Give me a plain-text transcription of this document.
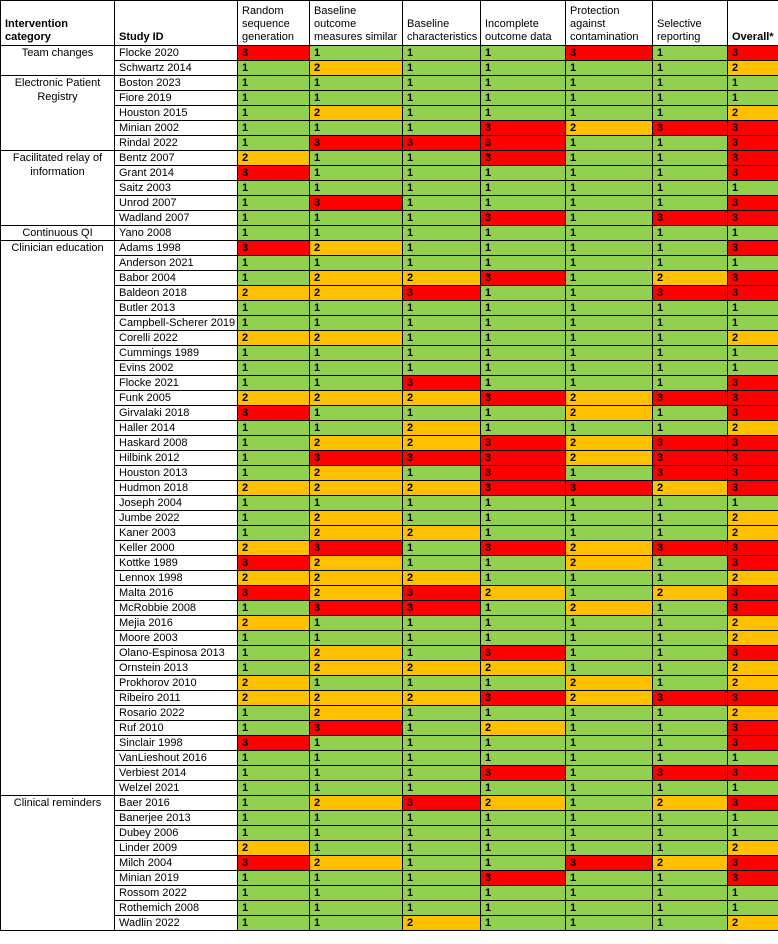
Intervention category	Study ID	Random sequence generation	Baseline outcome measures similar	Baseline characteristics	Incomplete outcome data	Protection against contamination	Selective reporting	Overall*
Team changes	Flocke 2020	3	1	1	1	3	1	3
	Schwartz 2014	1	2	1	1	1	1	2
Electronic Patient Registry	Boston 2023	1	1	1	1	1	1	1
	Fiore 2019	1	1	1	1	1	1	1
	Houston 2015	1	2	1	1	1	1	2
	Minian 2002	1	1	1	3	2	3	3
	Rindal 2022	1	3	3	3	1	1	3
Facilitated relay of information	Bentz 2007	2	1	1	3	1	1	3
	Grant 2014	3	1	1	1	1	1	3
	Saitz 2003	1	1	1	1	1	1	1
	Unrod 2007	1	3	1	1	1	1	3
	Wadland 2007	1	1	1	3	1	3	3
Continuous QI	Yano 2008	1	1	1	1	1	1	1
Clinician education	Adams 1998	3	2	1	1	1	1	3
	Anderson 2021	1	1	1	1	1	1	1
	Babor 2004	1	2	2	3	1	2	3
	Baldeon 2018	2	2	3	1	1	3	3
	Butler 2013	1	1	1	1	1	1	1
	Campbell-Scherer 2019	1	1	1	1	1	1	1
	Corelli 2022	2	2	1	1	1	1	2
	Cummings 1989	1	1	1	1	1	1	1
	Evins 2002	1	1	1	1	1	1	1
	Flocke 2021	1	1	3	1	1	1	3
	Funk 2005	2	2	2	3	2	3	3
	Girvalaki 2018	3	1	1	1	2	1	3
	Haller 2014	1	1	2	1	1	1	2
	Haskard 2008	1	2	2	3	2	3	3
	Hilbink 2012	1	3	3	3	2	3	3
	Houston 2013	1	2	1	3	1	3	3
	Hudmon 2018	2	2	2	3	3	2	3
	Joseph 2004	1	1	1	1	1	1	1
	Jumbe 2022	1	2	1	1	1	1	2
	Kaner 2003	1	2	2	1	1	1	2
	Keller 2000	2	3	1	3	2	3	3
	Kottke 1989	3	2	1	1	2	1	3
	Lennox 1998	2	2	2	1	1	1	2
	Malta 2016	3	2	3	2	1	2	3
	McRobbie 2008	1	3	3	1	2	1	3
	Mejia 2016	2	1	1	1	1	1	2
	Moore 2003	1	1	1	1	1	1	2
	Olano-Espinosa 2013	1	2	1	3	1	1	3
	Ornstein 2013	1	2	2	2	1	1	2
	Prokhorov 2010	2	1	1	1	2	1	2
	Ribeiro 2011	2	2	2	3	2	3	3
	Rosario 2022	1	2	1	1	1	1	2
	Ruf 2010	1	3	1	2	1	1	3
	Sinclair 1998	3	1	1	1	1	1	3
	VanLieshout 2016	1	1	1	1	1	1	1
	Verbiest 2014	1	1	1	3	1	3	3
	Welzel 2021	1	1	1	1	1	1	1
Clinical reminders	Baer 2016	1	2	3	2	1	2	3
	Banerjee 2013	1	1	1	1	1	1	1
	Dubey 2006	1	1	1	1	1	1	1
	Linder 2009	2	1	1	1	1	1	2
	Milch 2004	3	2	1	1	3	2	3
	Minian 2019	1	1	1	3	1	1	3
	Rossom 2022	1	1	1	1	1	1	1
	Rothemich 2008	1	1	1	1	1	1	1
	Wadlin 2022	1	1	2	1	1	1	2
